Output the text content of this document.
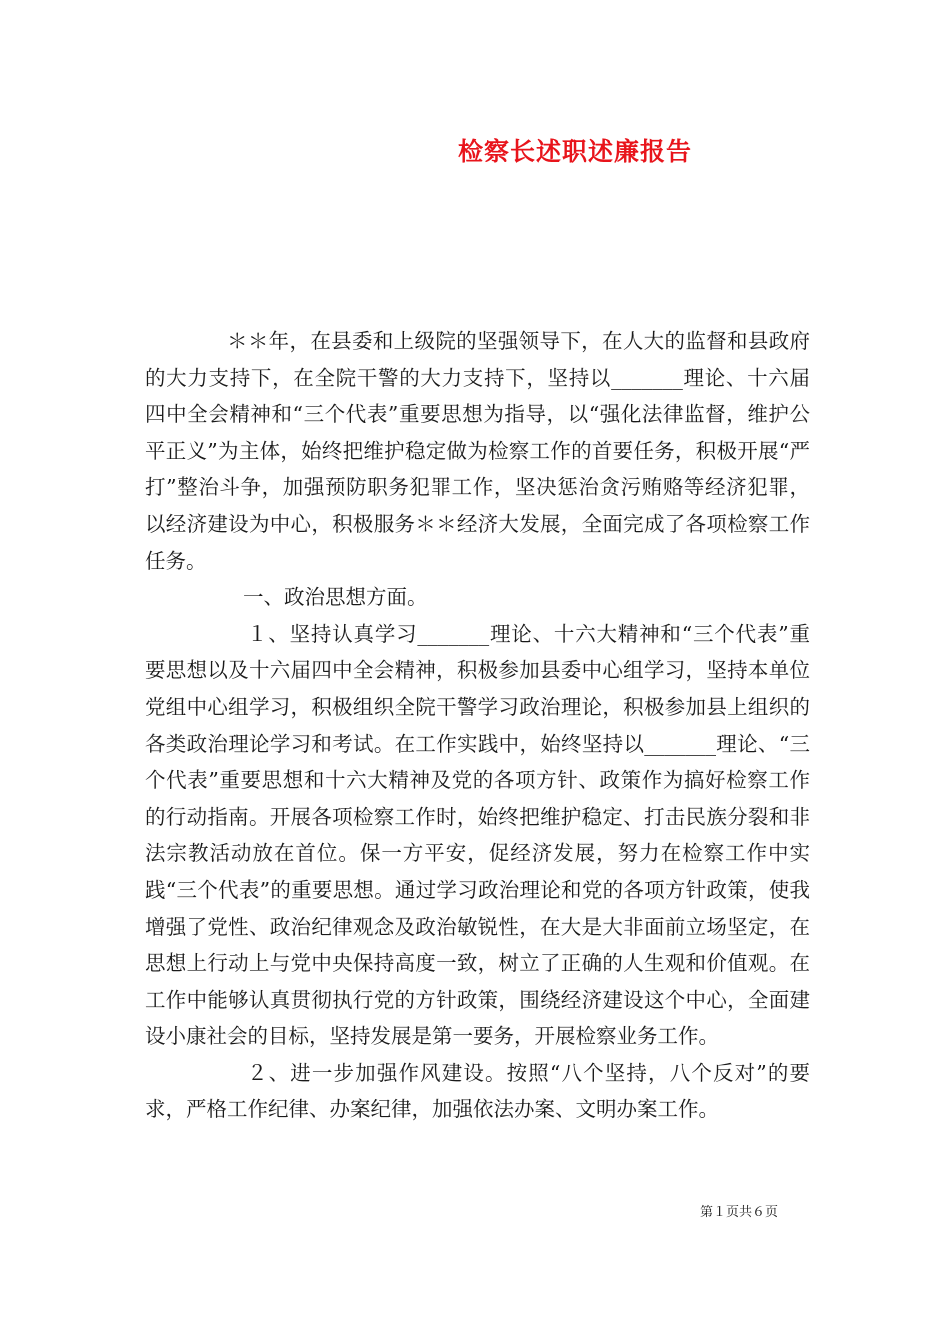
检察长述职述廉报告

＊＊年，在县委和上级院的坚强领导下，在人大的监督和县政府的大力支持下，在全院干警的大力支持下，坚持以_______理论、十六届四中全会精神和“三个代表”重要思想为指导，以“强化法律监督，维护公平正义”为主体，始终把维护稳定做为检察工作的首要任务，积极开展“严打”整治斗争，加强预防职务犯罪工作，坚决惩治贪污贿赂等经济犯罪，以经济建设为中心，积极服务＊＊经济大发展，全面完成了各项检察工作任务。

一、政治思想方面。

１、坚持认真学习_______理论、十六大精神和“三个代表”重要思想以及十六届四中全会精神，积极参加县委中心组学习，坚持本单位党组中心组学习，积极组织全院干警学习政治理论，积极参加县上组织的各类政治理论学习和考试。在工作实践中，始终坚持以_______理论、“三个代表”重要思想和十六大精神及党的各项方针、政策作为搞好检察工作的行动指南。开展各项检察工作时，始终把维护稳定、打击民族分裂和非法宗教活动放在首位。保一方平安，促经济发展，努力在检察工作中实践“三个代表”的重要思想。通过学习政治理论和党的各项方针政策，使我增强了党性、政治纪律观念及政治敏锐性，在大是大非面前立场坚定，在思想上行动上与党中央保持高度一致，树立了正确的人生观和价值观。在工作中能够认真贯彻执行党的方针政策，围绕经济建设这个中心，全面建设小康社会的目标，坚持发展是第一要务，开展检察业务工作。

２、进一步加强作风建设。按照“八个坚持，八个反对”的要求，严格工作纪律、办案纪律，加强依法办案、文明办案工作。

第１页共６页
